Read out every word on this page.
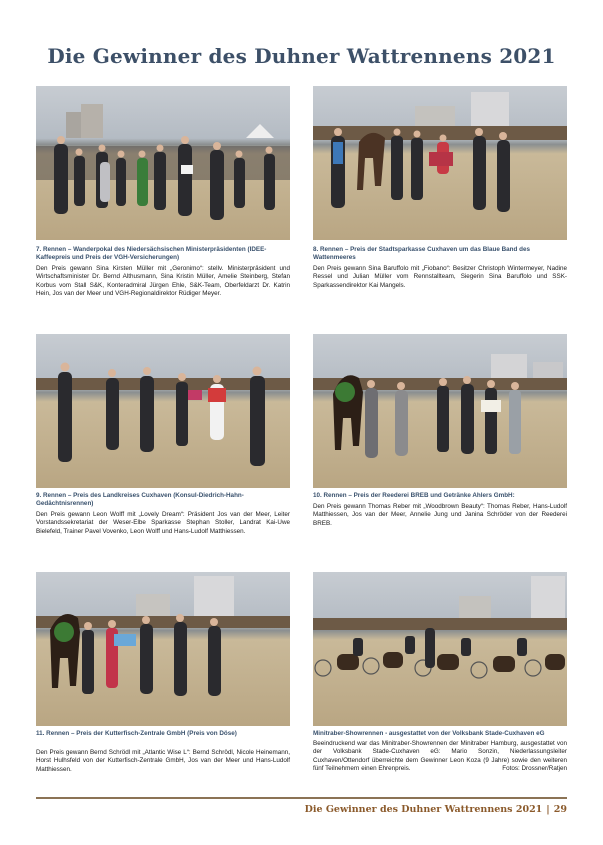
Die Gewinner des Duhner Wattrennens 2021

7. Rennen – Wanderpokal des Niedersächsischen Ministerpräsidenten (IDEE-Kaffeepreis und Preis der VGH-Versicherungen)

Den Preis gewann Sina Kirsten Müller mit „Geronimo“: stellv. Ministerpräsident und Wirtschaftsminister Dr. Bernd Althusmann, Sina Kristin Müller, Amelie Steinberg, Stefan Korbus vom Stall S&K, Konteradmiral Jürgen Ehle, S&K-Team, Oberfeldarzt Dr. Katrin Hein, Jos van der Meer und VGH-Regionaldirektor Rüdiger Meyer.

8. Rennen – Preis der Stadtsparkasse Cuxhaven um das Blaue Band des Wattenmeeres

Den Preis gewann Sina Baruffolo mit „Fiobano“: Besitzer Christoph Wintermeyer, Nadine Ressel und Julian Müller vom Rennstallteam, Siegerin Sina Baruffolo und SSK-Sparkassendirektor Kai Mangels.

9. Rennen – Preis des Landkreises Cuxhaven (Konsul-Diedrich-Hahn-Gedächtnisrennen)

Den Preis gewann Leon Wolff mit „Lovely Dream“: Präsident Jos van der Meer, Leiter Vorstandssekretariat der Weser-Elbe Sparkasse Stephan Stoller, Landrat Kai-Uwe Bielefeld, Trainer Pavel Vovenko, Leon Wolff und Hans-Ludolf Matthiessen.

10. Rennen – Preis der Reederei BREB und Getränke Ahlers GmbH:

Den Preis gewann Thomas Reber mit „Woodbrown Beauty“: Thomas Reber, Hans-Ludolf Matthiessen, Jos van der Meer, Annelie Jung und Janina Schröder von der Reederei BREB.

11. Rennen – Preis der Kutterfisch-Zentrale GmbH (Preis von Döse)

Den Preis gewann Bernd Schrödl mit „Atlantic Wise L“: Bernd Schrödl, Nicole Heinemann, Horst Hulhsfeld von der Kutterfisch-Zentrale GmbH, Jos van der Meer und Hans-Ludolf Matthiessen.

Minitraber-Showrennen - ausgestattet von der Volksbank Stade-Cuxhaven eG

Beeindruckend war das Minitraber-Showrennen der Minitraber Hamburg, ausgestattet von der Volksbank Stade-Cuxhaven eG: Mario Sonzin, Niederlassungsleiter Cuxhaven/Ottendorf überreichte dem Gewinner Leon Koza (9 Jahre) sowie den weiteren fünf Teilnehmern einen Ehrenpreis.	Fotos: Drossner/Ratjen

Die Gewinner des Duhner Wattrennens 2021 | 29
